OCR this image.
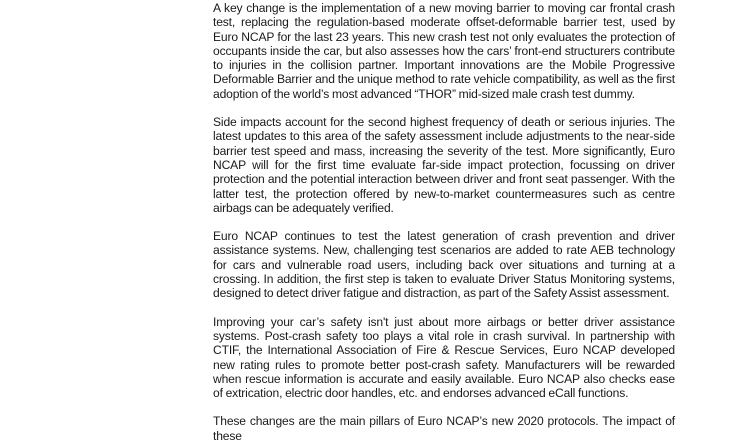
A key change is the implementation of a new moving barrier to moving car frontal crash test, replacing the regulation-based moderate offset-deformable barrier test, used by Euro NCAP for the last 23 years. This new crash test not only evaluates the protection of occupants inside the car, but also assesses how the cars’ front-end structurers contribute to injuries in the collision partner. Important innovations are the Mobile Progressive Deformable Barrier and the unique method to rate vehicle compatibility, as well as the first adoption of the world’s most advanced “THOR” mid-sized male crash test dummy.

Side impacts account for the second highest frequency of death or serious injuries. The latest updates to this area of the safety assessment include adjustments to the near-side barrier test speed and mass, increasing the severity of the test. More significantly, Euro NCAP will for the first time evaluate far-side impact protection, focussing on driver protection and the potential interaction between driver and front seat passenger. With the latter test, the protection offered by new-to-market countermeasures such as centre airbags can be adequately verified.

Euro NCAP continues to test the latest generation of crash prevention and driver assistance systems. New, challenging test scenarios are added to rate AEB technology for cars and vulnerable road users, including back over situations and turning at a crossing. In addition, the first step is taken to evaluate Driver Status Monitoring systems, designed to detect driver fatigue and distraction, as part of the Safety Assist assessment.

Improving your car’s safety isn't just about more airbags or better driver assistance systems. Post-crash safety too plays a vital role in crash survival. In partnership with CTIF, the International Association of Fire & Rescue Services, Euro NCAP developed new rating rules to promote better post-crash safety. Manufacturers will be rewarded when rescue information is accurate and easily available. Euro NCAP also checks ease of extrication, electric door handles, etc. and endorses advanced eCall functions.

These changes are the main pillars of Euro NCAP’s new 2020 protocols. The impact of these
